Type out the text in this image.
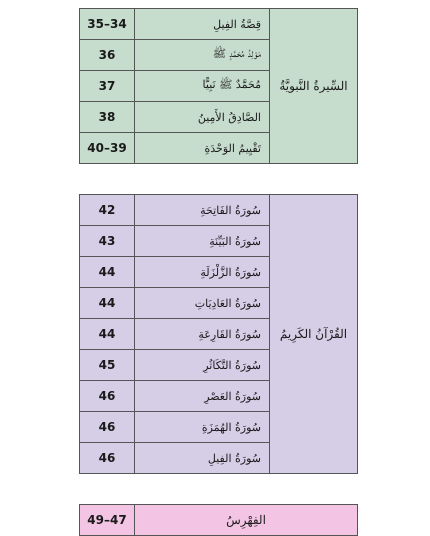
35–34	قِصَّةُ الفِيلِ	السِّيرةُ النَّبويَّةُ
36	مَوْلِدُ مُحَمَّدٍ ﷺ	
37	مُحَمَّدٌ ﷺ نَبِيًّا	
38	الصَّادِقُ الأَمِينُ	
40–39	تَقْيِيمُ الوَحْدَةِ	

42	سُورَةُ الفَاتِحَةِ	القُرْآنُ الكَرِيمُ
43	سُورَةُ البَيِّنَةِ	
44	سُورَةُ الزَّلْزَلَةِ	
44	سُورَةُ العَادِيَاتِ	
44	سُورَةُ القَارِعَةِ	
45	سُورَةُ التَّكَاثُرِ	
46	سُورَةُ العَصْرِ	
46	سُورَةُ الهُمَزَةِ	
46	سُورَةُ الفِيلِ	

49–47	الفِهْرِسُ	
